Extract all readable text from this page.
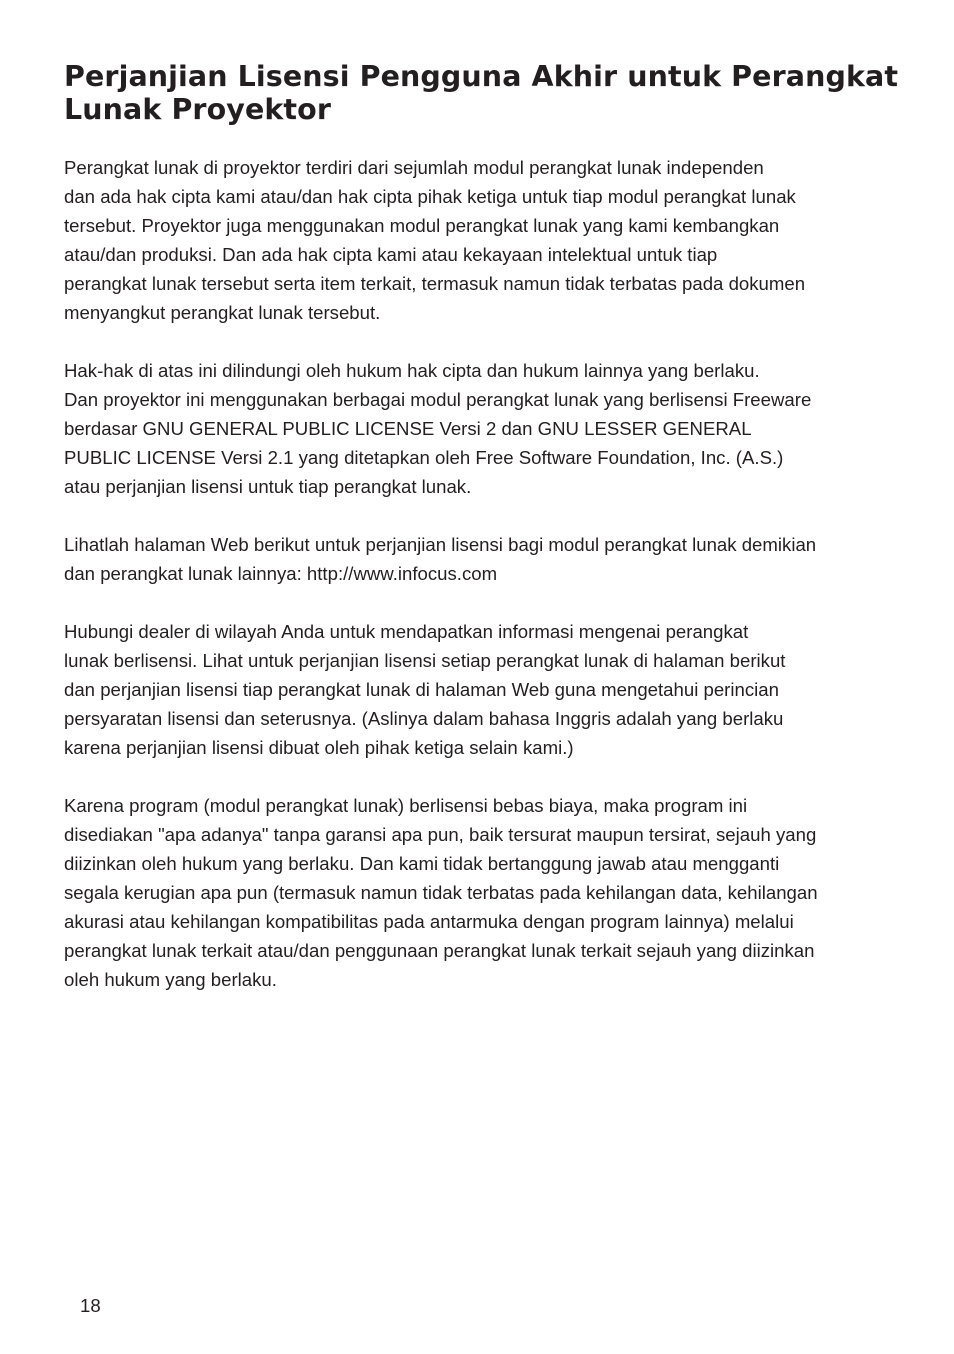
Perjanjian Lisensi Pengguna Akhir untuk Perangkat
Lunak Proyektor
Perangkat lunak di proyektor terdiri dari sejumlah modul perangkat lunak independen
dan ada hak cipta kami atau/dan hak cipta pihak ketiga untuk tiap modul perangkat lunak
tersebut. Proyektor juga menggunakan modul perangkat lunak yang kami kembangkan
atau/dan produksi. Dan ada hak cipta kami atau kekayaan intelektual untuk tiap
perangkat lunak tersebut serta item terkait, termasuk namun tidak terbatas pada dokumen
menyangkut perangkat lunak tersebut.
Hak-hak di atas ini dilindungi oleh hukum hak cipta dan hukum lainnya yang berlaku.
Dan proyektor ini menggunakan berbagai modul perangkat lunak yang berlisensi Freeware
berdasar GNU GENERAL PUBLIC LICENSE Versi 2 dan GNU LESSER GENERAL
PUBLIC LICENSE Versi 2.1 yang ditetapkan oleh Free Software Foundation, Inc. (A.S.)
atau perjanjian lisensi untuk tiap perangkat lunak.
Lihatlah halaman Web berikut untuk perjanjian lisensi bagi modul perangkat lunak demikian
dan perangkat lunak lainnya: http://www.infocus.com
Hubungi dealer di wilayah Anda untuk mendapatkan informasi mengenai perangkat
lunak berlisensi. Lihat untuk perjanjian lisensi setiap perangkat lunak di halaman berikut
dan perjanjian lisensi tiap perangkat lunak di halaman Web guna mengetahui perincian
persyaratan lisensi dan seterusnya. (Aslinya dalam bahasa Inggris adalah yang berlaku
karena perjanjian lisensi dibuat oleh pihak ketiga selain kami.)
Karena program (modul perangkat lunak) berlisensi bebas biaya, maka program ini
disediakan "apa adanya" tanpa garansi apa pun, baik tersurat maupun tersirat, sejauh yang
diizinkan oleh hukum yang berlaku. Dan kami tidak bertanggung jawab atau mengganti
segala kerugian apa pun (termasuk namun tidak terbatas pada kehilangan data, kehilangan
akurasi atau kehilangan kompatibilitas pada antarmuka dengan program lainnya) melalui
perangkat lunak terkait atau/dan penggunaan perangkat lunak terkait sejauh yang diizinkan
oleh hukum yang berlaku.
18
